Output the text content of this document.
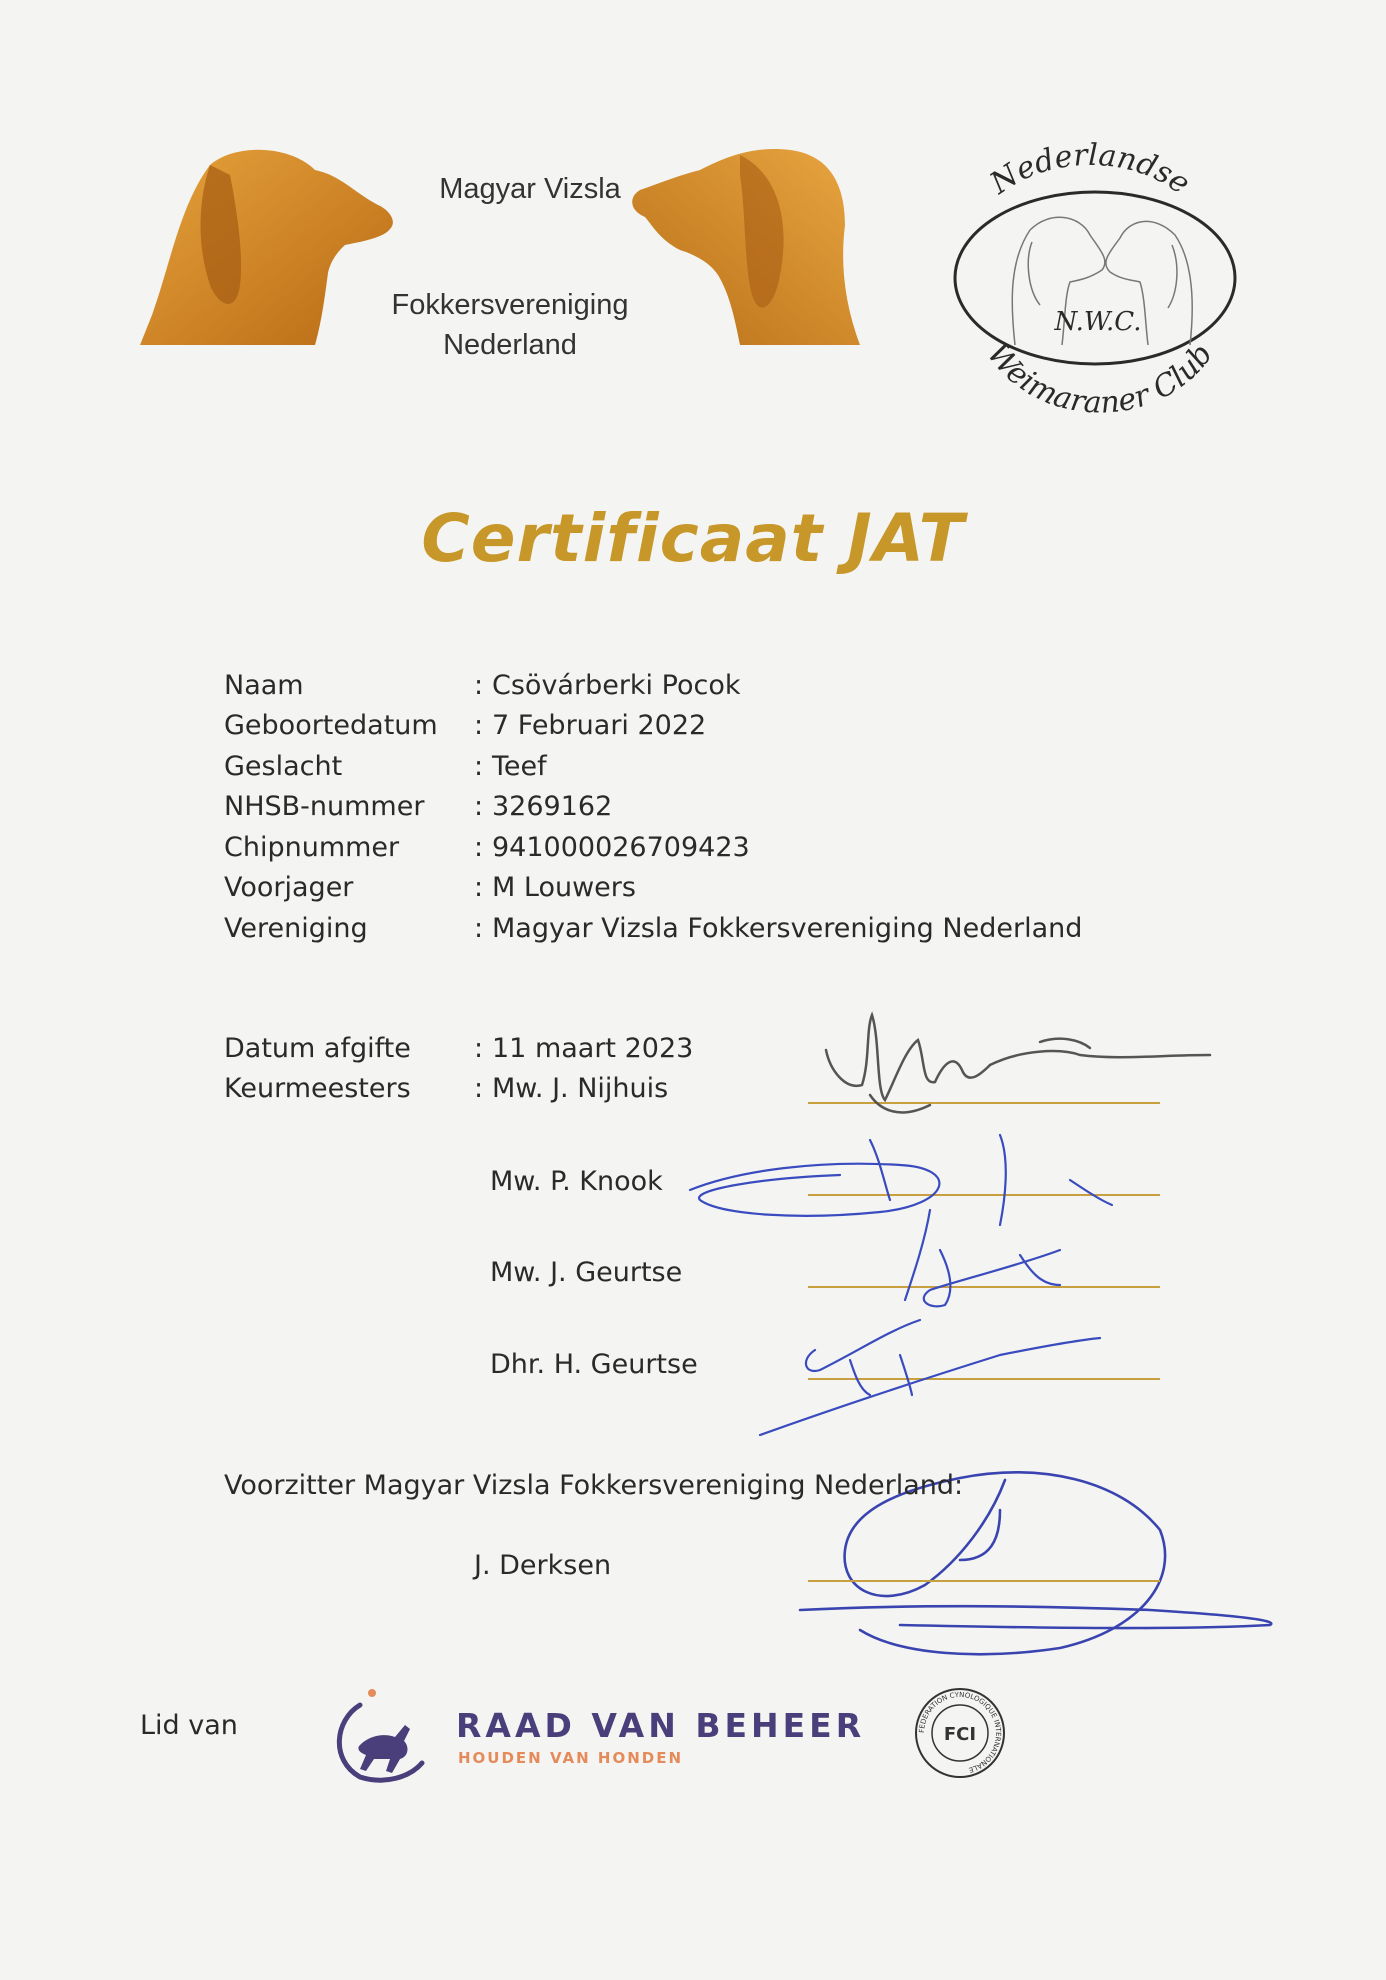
Magyar Vizsla
Fokkersvereniging
Nederland
Nederlandse
Weimaraner Club
N.W.C.
Certificaat JAT
Naam	: Csövárberki Pocok
Geboortedatum : 7 Februari 2022
Geslacht	: Teef
NHSB-nummer : 3269162
Chipnummer	: 941000026709423
Voorjager	: M Louwers
Vereniging	: Magyar Vizsla Fokkersvereniging Nederland
Datum afgifte : 11 maart 2023
Keurmeesters : Mw. J. Nijhuis
Mw. P. Knook
Mw. J. Geurtse
Dhr. H. Geurtse
Voorzitter Magyar Vizsla Fokkersvereniging Nederland:
J. Derksen
Lid van	RAAD VAN BEHEER
HOUDEN VAN HONDEN
FEDERATION CYNOLOGIQUE INTERNATIONALE
FCI
